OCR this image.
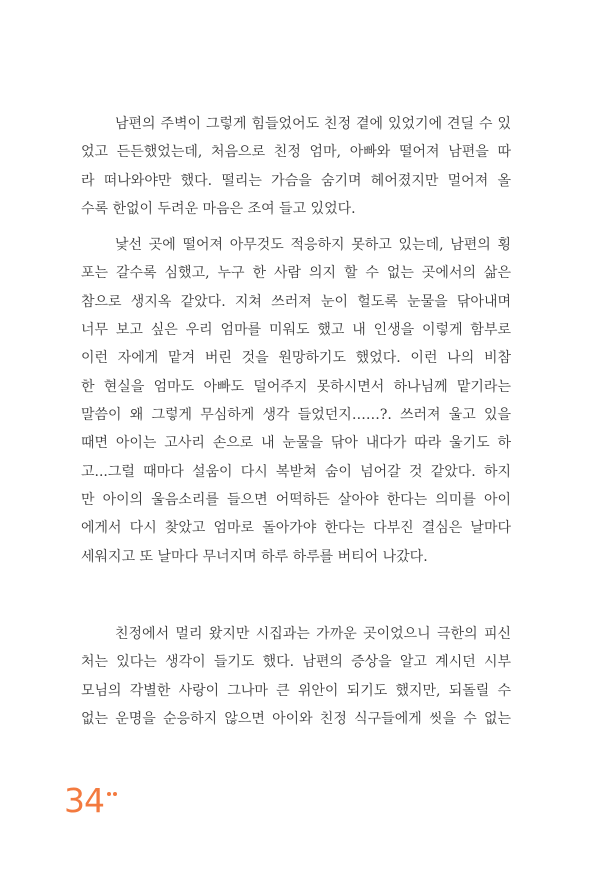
남편의 주벽이 그렇게 힘들었어도 친정 곁에 있었기에 견딜 수 있
었고 든든했었는데, 처음으로 친정 엄마, 아빠와 떨어져 남편을 따
라 떠나와야만 했다. 떨리는 가슴을 숨기며 헤어졌지만 멀어져 올
수록 한없이 두려운 마음은 조여 들고 있었다.
낯선 곳에 떨어져 아무것도 적응하지 못하고 있는데, 남편의 횡
포는 갈수록 심했고, 누구 한 사람 의지 할 수 없는 곳에서의 삶은
참으로 생지옥 같았다. 지쳐 쓰러져 눈이 헐도록 눈물을 닦아내며
너무 보고 싶은 우리 엄마를 미워도 했고 내 인생을 이렇게 함부로
이런 자에게 맡겨 버린 것을 원망하기도 했었다. 이런 나의 비참
한 현실을 엄마도 아빠도 덜어주지 못하시면서 하나님께 맡기라는
말씀이 왜 그렇게 무심하게 생각 들었던지……?. 쓰러져 울고 있을
때면 아이는 고사리 손으로 내 눈물을 닦아 내다가 따라 울기도 하
고...그럴 때마다 설움이 다시 복받쳐 숨이 넘어갈 것 같았다. 하지
만 아이의 울음소리를 들으면 어떡하든 살아야 한다는 의미를 아이
에게서 다시 찾았고 엄마로 돌아가야 한다는 다부진 결심은 날마다
세워지고 또 날마다 무너지며 하루 하루를 버티어 나갔다.
친정에서 멀리 왔지만 시집과는 가까운 곳이었으니 극한의 피신
처는 있다는 생각이 들기도 했다. 남편의 증상을 알고 계시던 시부
모님의 각별한 사랑이 그나마 큰 위안이 되기도 했지만, 되돌릴 수
없는 운명을 순응하지 않으면 아이와 친정 식구들에게 씻을 수 없는
34
